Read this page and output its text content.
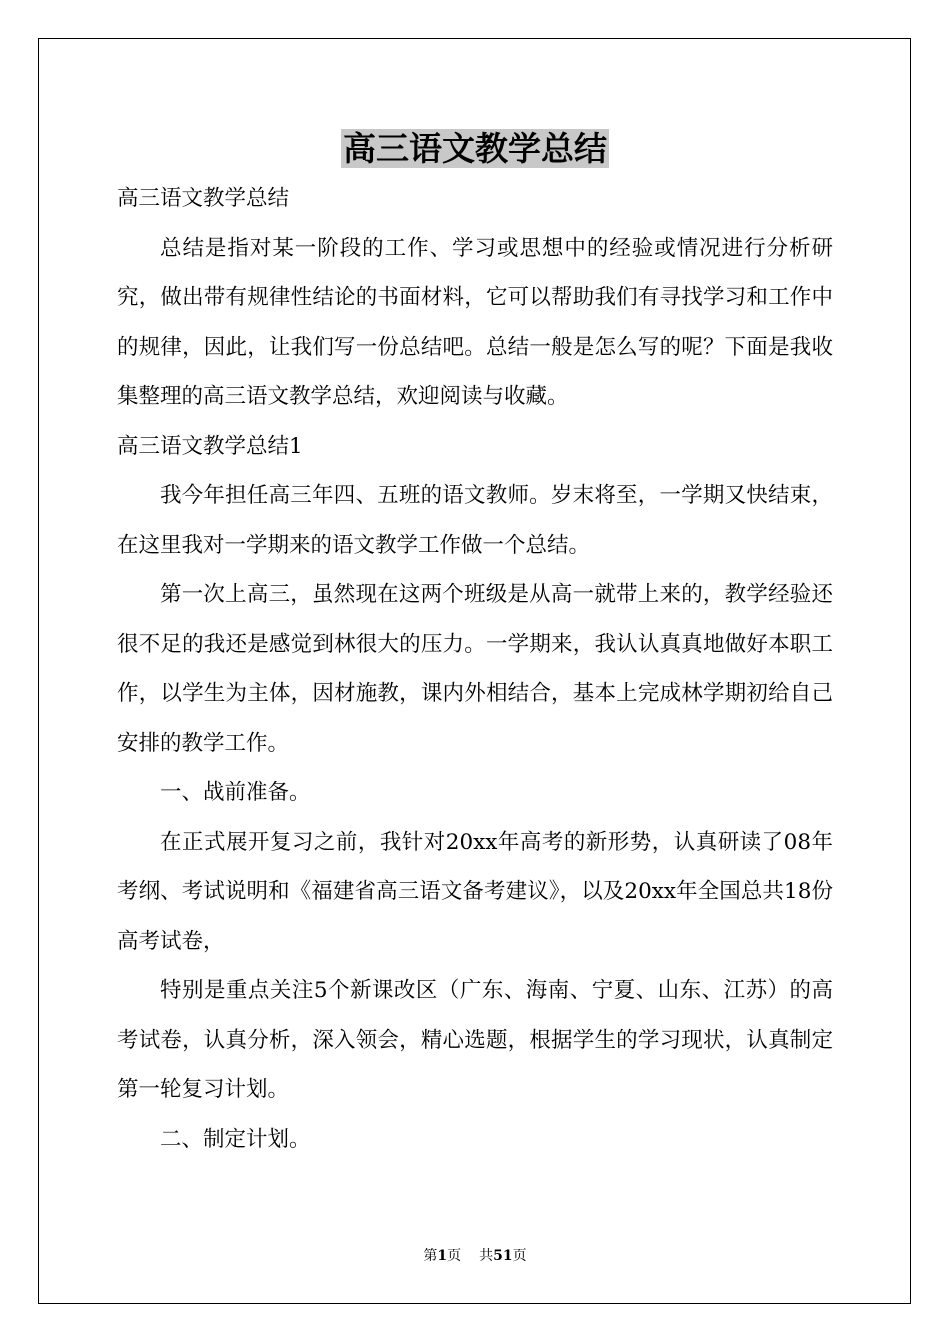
高三语文教学总结

高三语文教学总结

总结是指对某一阶段的工作、学习或思想中的经验或情况进行分析研究，做出带有规律性结论的书面材料，它可以帮助我们有寻找学习和工作中的规律，因此，让我们写一份总结吧。总结一般是怎么写的呢？下面是我收集整理的高三语文教学总结，欢迎阅读与收藏。

高三语文教学总结1

我今年担任高三年四、五班的语文教师。岁末将至，一学期又快结束，在这里我对一学期来的语文教学工作做一个总结。

第一次上高三，虽然现在这两个班级是从高一就带上来的，教学经验还很不足的我还是感觉到林很大的压力。一学期来，我认认真真地做好本职工作，以学生为主体，因材施教，课内外相结合，基本上完成林学期初给自己安排的教学工作。

一、战前准备。

在正式展开复习之前，我针对20xx年高考的新形势，认真研读了08年考纲、考试说明和《福建省高三语文备考建议》，以及20xx年全国总共18份高考试卷，

特别是重点关注5个新课改区（广东、海南、宁夏、山东、江苏）的高考试卷，认真分析，深入领会，精心选题，根据学生的学习现状，认真制定第一轮复习计划。

二、制定计划。

第1页 共51页
